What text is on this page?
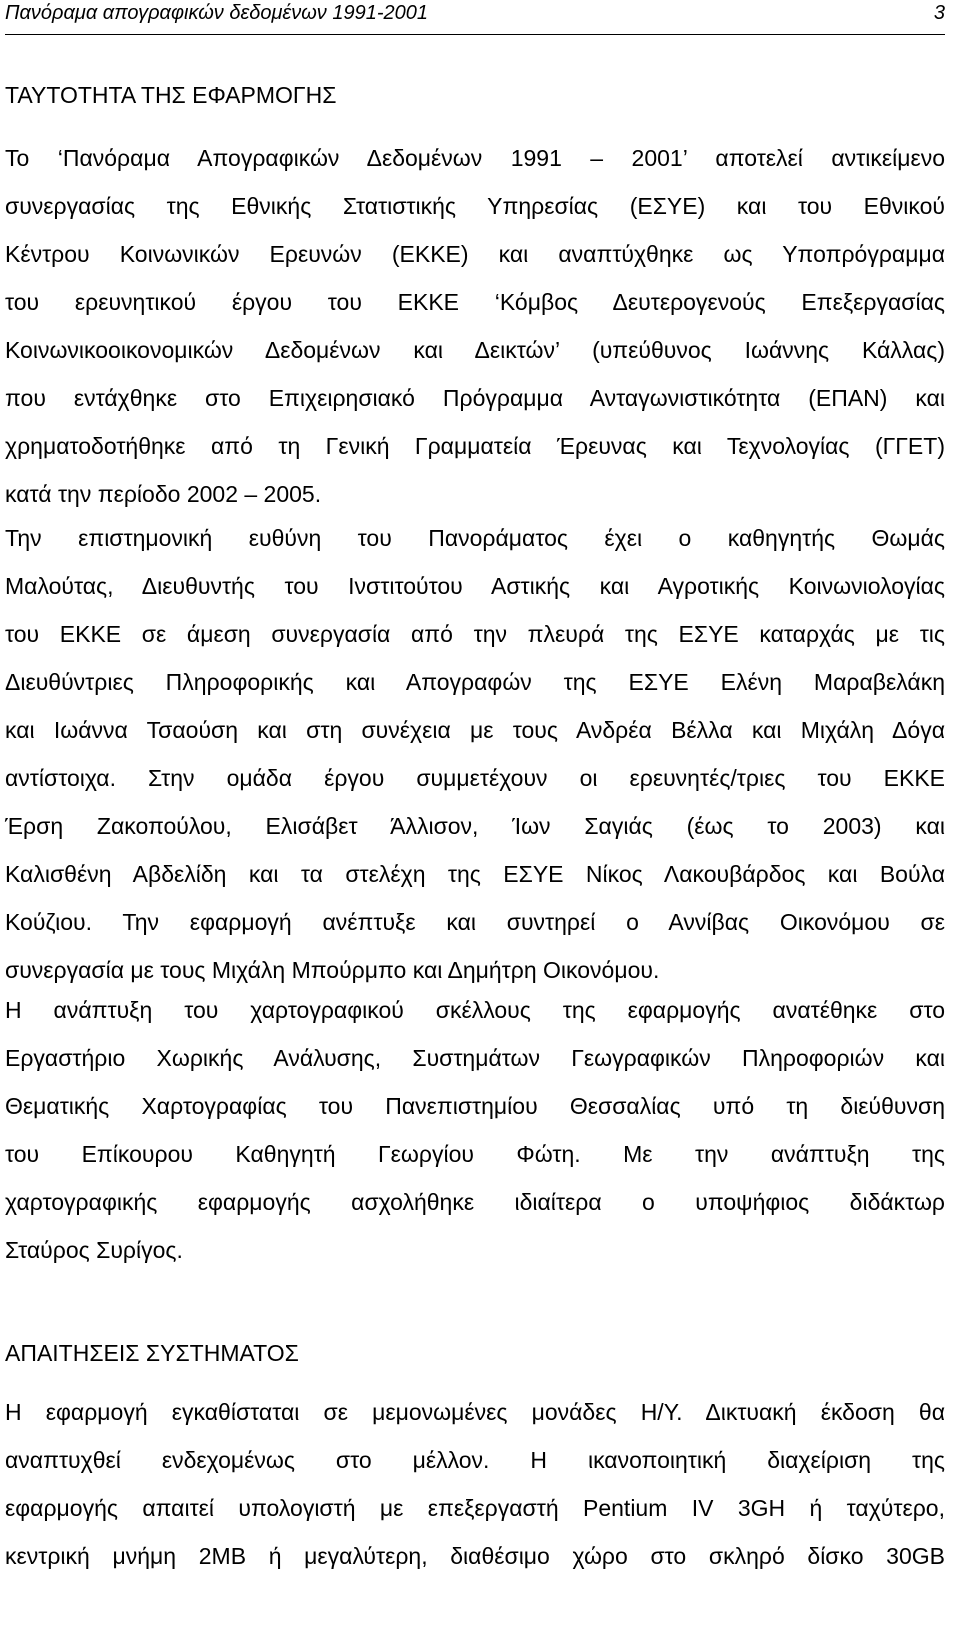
Πανόραμα απογραφικών δεδομένων 1991-2001	3
ΤΑΥΤΟΤΗΤΑ ΤΗΣ ΕΦΑΡΜΟΓΗΣ
Το ‘Πανόραμα Απογραφικών Δεδομένων 1991 – 2001’ αποτελεί αντικείμενο
συνεργασίας της Εθνικής Στατιστικής Υπηρεσίας (ΕΣΥΕ) και του Εθνικού
Κέντρου Κοινωνικών Ερευνών (ΕΚΚΕ) και αναπτύχθηκε ως Υποπρόγραμμα
του ερευνητικού έργου του ΕΚΚΕ ‘Κόμβος Δευτερογενούς Επεξεργασίας
Κοινωνικοοικονομικών Δεδομένων και Δεικτών’ (υπεύθυνος Ιωάννης Κάλλας)
που εντάχθηκε στο Επιχειρησιακό Πρόγραμμα Ανταγωνιστικότητα (ΕΠΑΝ) και
χρηματοδοτήθηκε από τη Γενική Γραμματεία Έρευνας και Τεχνολογίας (ΓΓΕΤ)
κατά την περίοδο 2002 – 2005.
Την επιστημονική ευθύνη του Πανοράματος έχει ο καθηγητής Θωμάς
Μαλούτας, Διευθυντής του Ινστιτούτου Αστικής και Αγροτικής Κοινωνιολογίας
του ΕΚΚΕ σε άμεση συνεργασία από την πλευρά της ΕΣΥΕ καταρχάς με τις
Διευθύντριες Πληροφορικής και Απογραφών της ΕΣΥΕ Ελένη Μαραβελάκη
και Ιωάννα Τσαούση και στη συνέχεια με τους Ανδρέα Βέλλα και Μιχάλη Δόγα
αντίστοιχα. Στην ομάδα έργου συμμετέχουν οι ερευνητές/τριες του ΕΚΚΕ
Έρση Ζακοπούλου, Ελισάβετ Άλλισον, Ίων Σαγιάς (έως το 2003) και
Καλισθένη Αβδελίδη και τα στελέχη της ΕΣΥΕ Νίκος Λακουβάρδος και Βούλα
Κούζιου. Την εφαρμογή ανέπτυξε και συντηρεί ο Αννίβας Οικονόμου σε
συνεργασία με τους Μιχάλη Μπούρμπο και Δημήτρη Οικονόμου.
Η ανάπτυξη του χαρτογραφικού σκέλλους της εφαρμογής ανατέθηκε στο
Εργαστήριο Χωρικής Ανάλυσης, Συστημάτων Γεωγραφικών Πληροφοριών και
Θεματικής Χαρτογραφίας του Πανεπιστημίου Θεσσαλίας υπό τη διεύθυνση
του Επίκουρου Καθηγητή Γεωργίου Φώτη. Με την ανάπτυξη της
χαρτογραφικής εφαρμογής ασχολήθηκε ιδιαίτερα ο υποψήφιος διδάκτωρ
Σταύρος Συρίγος.
ΑΠΑΙΤΗΣΕΙΣ ΣΥΣΤΗΜΑΤΟΣ
Η εφαρμογή εγκαθίσταται σε μεμονωμένες μονάδες Η/Υ. Δικτυακή έκδοση θα
αναπτυχθεί ενδεχομένως στο μέλλον. Η ικανοποιητική διαχείριση της
εφαρμογής απαιτεί υπολογιστή με επεξεργαστή Pentium IV 3GH ή ταχύτερο,
κεντρική μνήμη 2MB ή μεγαλύτερη, διαθέσιμο χώρο στο σκληρό δίσκο 30GB
